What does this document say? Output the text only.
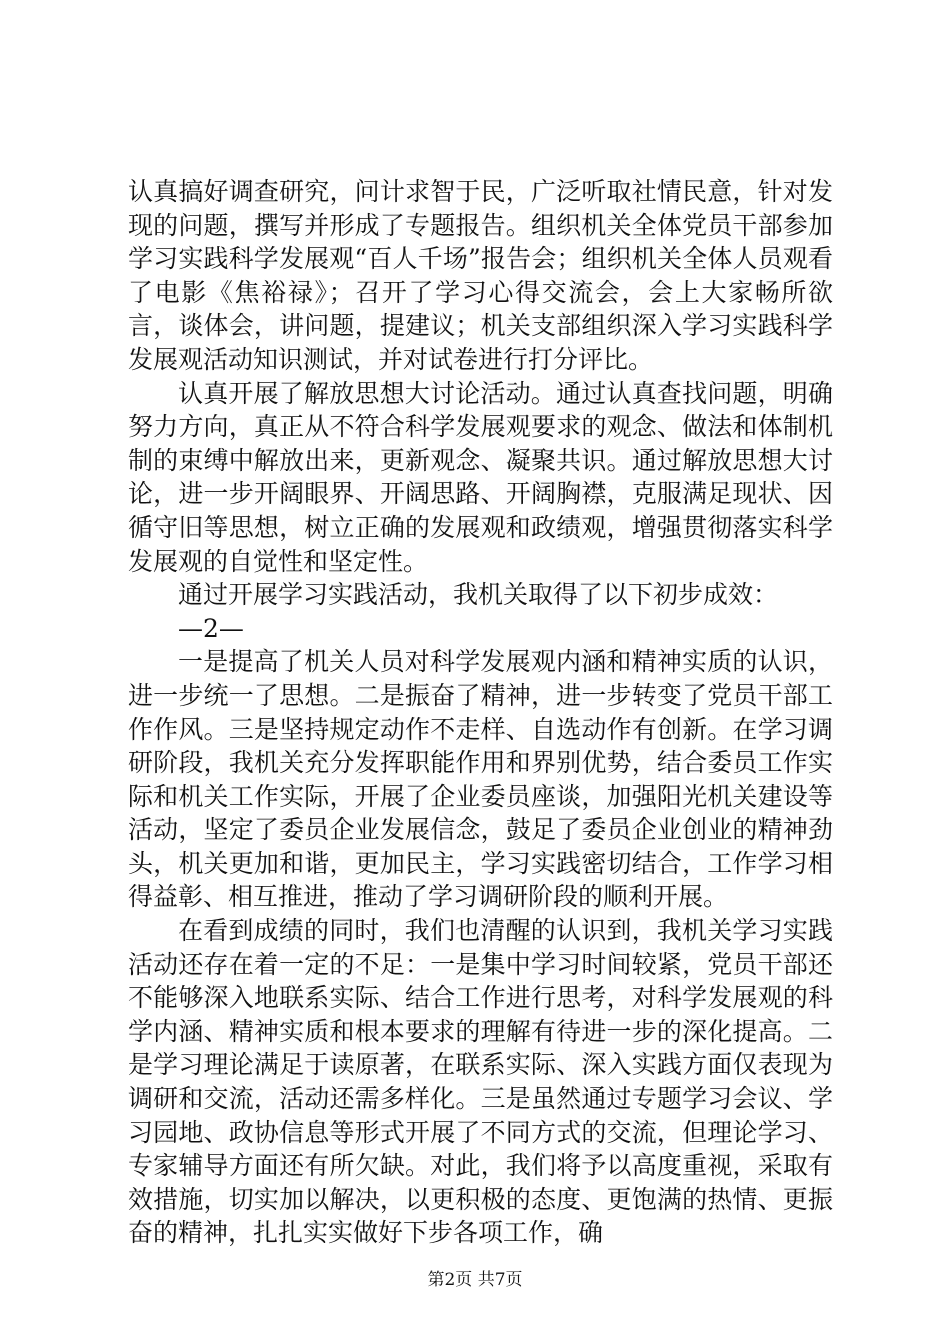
认真搞好调查研究，问计求智于民，广泛听取社情民意，针对发现的问题，撰写并形成了专题报告。组织机关全体党员干部参加学习实践科学发展观“百人千场”报告会；组织机关全体人员观看了电影《焦裕禄》；召开了学习心得交流会，会上大家畅所欲言，谈体会，讲问题，提建议；机关支部组织深入学习实践科学发展观活动知识测试，并对试卷进行打分评比。

认真开展了解放思想大讨论活动。通过认真查找问题，明确努力方向，真正从不符合科学发展观要求的观念、做法和体制机制的束缚中解放出来，更新观念、凝聚共识。通过解放思想大讨论，进一步开阔眼界、开阔思路、开阔胸襟，克服满足现状、因循守旧等思想，树立正确的发展观和政绩观，增强贯彻落实科学发展观的自觉性和坚定性。

通过开展学习实践活动，我机关取得了以下初步成效：

—2—

一是提高了机关人员对科学发展观内涵和精神实质的认识，进一步统一了思想。二是振奋了精神，进一步转变了党员干部工作作风。三是坚持规定动作不走样、自选动作有创新。在学习调研阶段，我机关充分发挥职能作用和界别优势，结合委员工作实际和机关工作实际，开展了企业委员座谈，加强阳光机关建设等活动，坚定了委员企业发展信念，鼓足了委员企业创业的精神劲头，机关更加和谐，更加民主，学习实践密切结合，工作学习相得益彰、相互推进，推动了学习调研阶段的顺利开展。

在看到成绩的同时，我们也清醒的认识到，我机关学习实践活动还存在着一定的不足：一是集中学习时间较紧，党员干部还不能够深入地联系实际、结合工作进行思考，对科学发展观的科学内涵、精神实质和根本要求的理解有待进一步的深化提高。二是学习理论满足于读原著，在联系实际、深入实践方面仅表现为调研和交流，活动还需多样化。三是虽然通过专题学习会议、学习园地、政协信息等形式开展了不同方式的交流，但理论学习、专家辅导方面还有所欠缺。对此，我们将予以高度重视，采取有效措施，切实加以解决，以更积极的态度、更饱满的热情、更振奋的精神，扎扎实实做好下步各项工作，确

第2页 共7页
